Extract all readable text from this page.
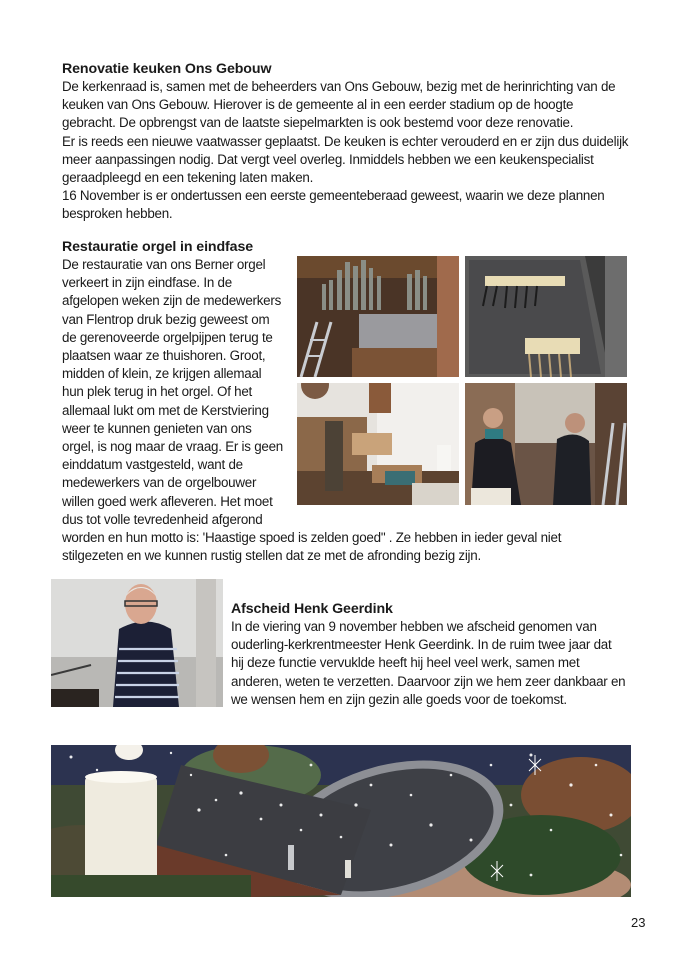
Renovatie keuken Ons Gebouw

De kerkenraad is, samen met de beheerders van Ons Gebouw, bezig met de herinrichting van de
keuken van Ons Gebouw. Hierover is de gemeente al in een eerder stadium op de hoogte
gebracht. De opbrengst van de laatste siepelmarkten is ook bestemd voor deze renovatie.
Er is reeds een nieuwe vaatwasser geplaatst. De keuken is echter verouderd en er zijn dus duidelijk
meer aanpassingen nodig. Dat vergt veel overleg. Inmiddels hebben we een keukenspecialist
geraadpleegd en een tekening laten maken.
16 November is er ondertussen een eerste gemeenteberaad geweest, waarin we deze plannen
besproken hebben.

Restauratie orgel in eindfase

De restauratie van ons Berner orgel
verkeert in zijn eindfase. In de
afgelopen weken zijn de medewerkers
van Flentrop druk bezig geweest om
de gerenoveerde orgelpijpen terug te
plaatsen waar ze thuishoren. Groot,
midden of klein, ze krijgen allemaal
hun plek terug in het orgel. Of het
allemaal lukt om met de Kerstviering
weer te kunnen genieten van ons
orgel, is nog maar de vraag. Er is geen
einddatum vastgesteld, want de
medewerkers van de orgelbouwer
willen goed werk afleveren. Het moet
dus tot volle tevredenheid afgerond
worden en hun motto is: 'Haastige spoed is zelden goed" . Ze hebben in ieder geval niet
stilgezeten en we kunnen rustig stellen dat ze met de afronding bezig zijn.

Afscheid Henk Geerdink

In de viering van 9 november hebben we afscheid genomen van
ouderling-kerkrentmeester Henk Geerdink. In de ruim twee jaar dat
hij deze functie vervuklde heeft hij heel veel werk, samen met
anderen, weten te verzetten. Daarvoor zijn we hem zeer dankbaar en
we wensen hem en zijn gezin alle goeds voor de toekomst.

23
